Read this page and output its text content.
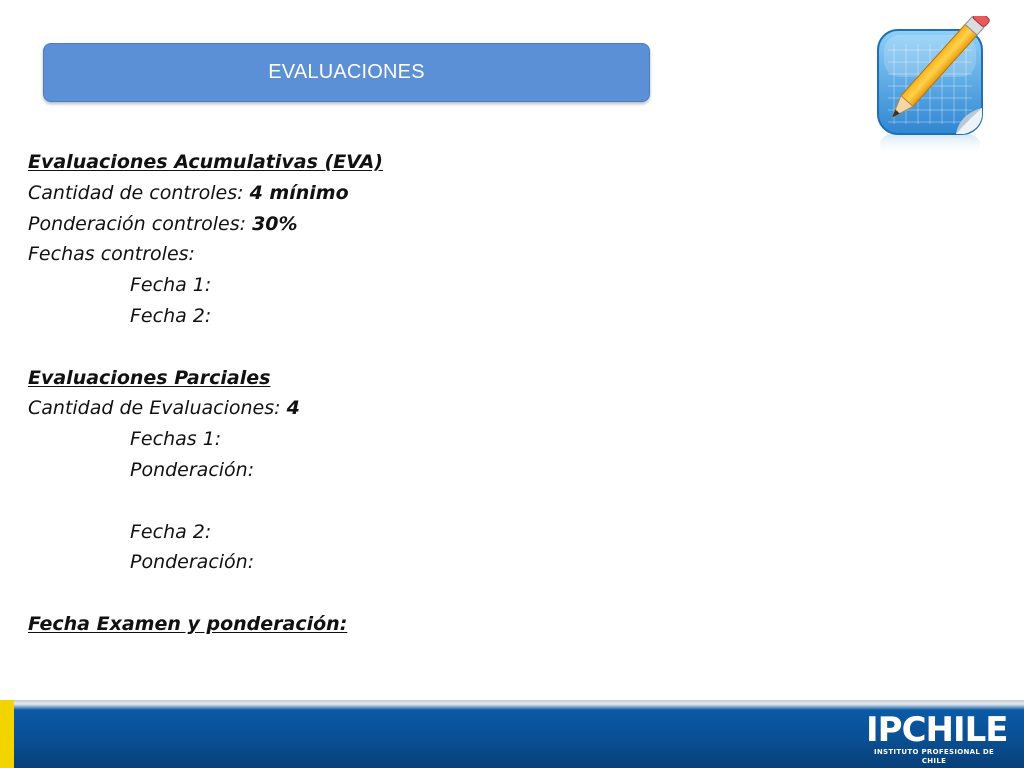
EVALUACIONES
Evaluaciones Acumulativas (EVA)
Cantidad de controles: 4 mínimo
Ponderación controles: 30%
Fechas controles:
Fecha 1:
Fecha 2:
Evaluaciones Parciales
Cantidad de Evaluaciones: 4
Fechas 1:
Ponderación:
Fecha 2:
Ponderación:
Fecha Examen y ponderación:
IPCHILE
INSTITUTO PROFESIONAL DE CHILE
